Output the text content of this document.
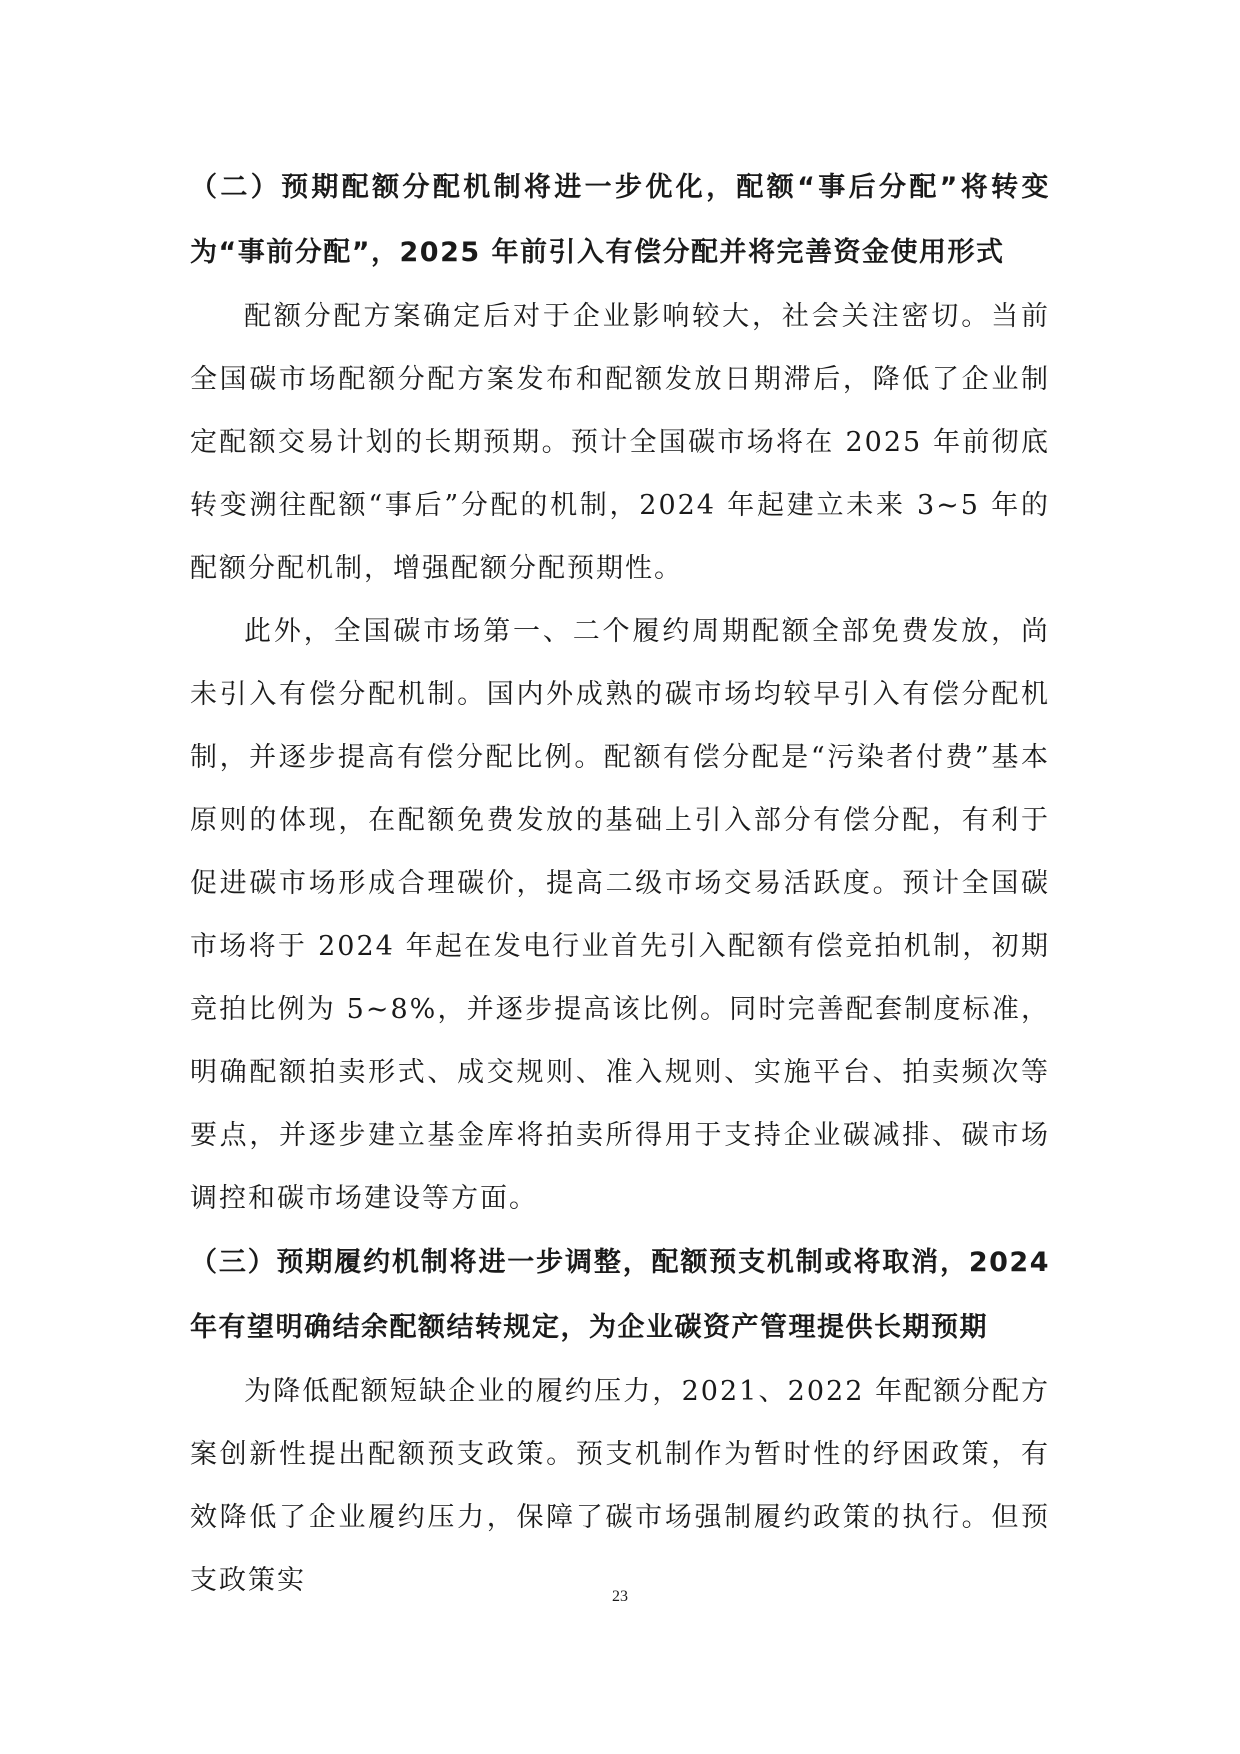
（二）预期配额分配机制将进一步优化，配额“事后分配”将转变为“事前分配”，2025 年前引入有偿分配并将完善资金使用形式

配额分配方案确定后对于企业影响较大，社会关注密切。当前全国碳市场配额分配方案发布和配额发放日期滞后，降低了企业制定配额交易计划的长期预期。预计全国碳市场将在 2025 年前彻底转变溯往配额“事后”分配的机制，2024 年起建立未来 3~5 年的配额分配机制，增强配额分配预期性。

此外，全国碳市场第一、二个履约周期配额全部免费发放，尚未引入有偿分配机制。国内外成熟的碳市场均较早引入有偿分配机制，并逐步提高有偿分配比例。配额有偿分配是“污染者付费”基本原则的体现，在配额免费发放的基础上引入部分有偿分配，有利于促进碳市场形成合理碳价，提高二级市场交易活跃度。预计全国碳市场将于 2024 年起在发电行业首先引入配额有偿竞拍机制，初期竞拍比例为 5~8%，并逐步提高该比例。同时完善配套制度标准，明确配额拍卖形式、成交规则、准入规则、实施平台、拍卖频次等要点，并逐步建立基金库将拍卖所得用于支持企业碳减排、碳市场调控和碳市场建设等方面。

（三）预期履约机制将进一步调整，配额预支机制或将取消，2024 年有望明确结余配额结转规定，为企业碳资产管理提供长期预期

为降低配额短缺企业的履约压力，2021、2022 年配额分配方案创新性提出配额预支政策。预支机制作为暂时性的纾困政策，有效降低了企业履约压力，保障了碳市场强制履约政策的执行。但预支政策实

23
